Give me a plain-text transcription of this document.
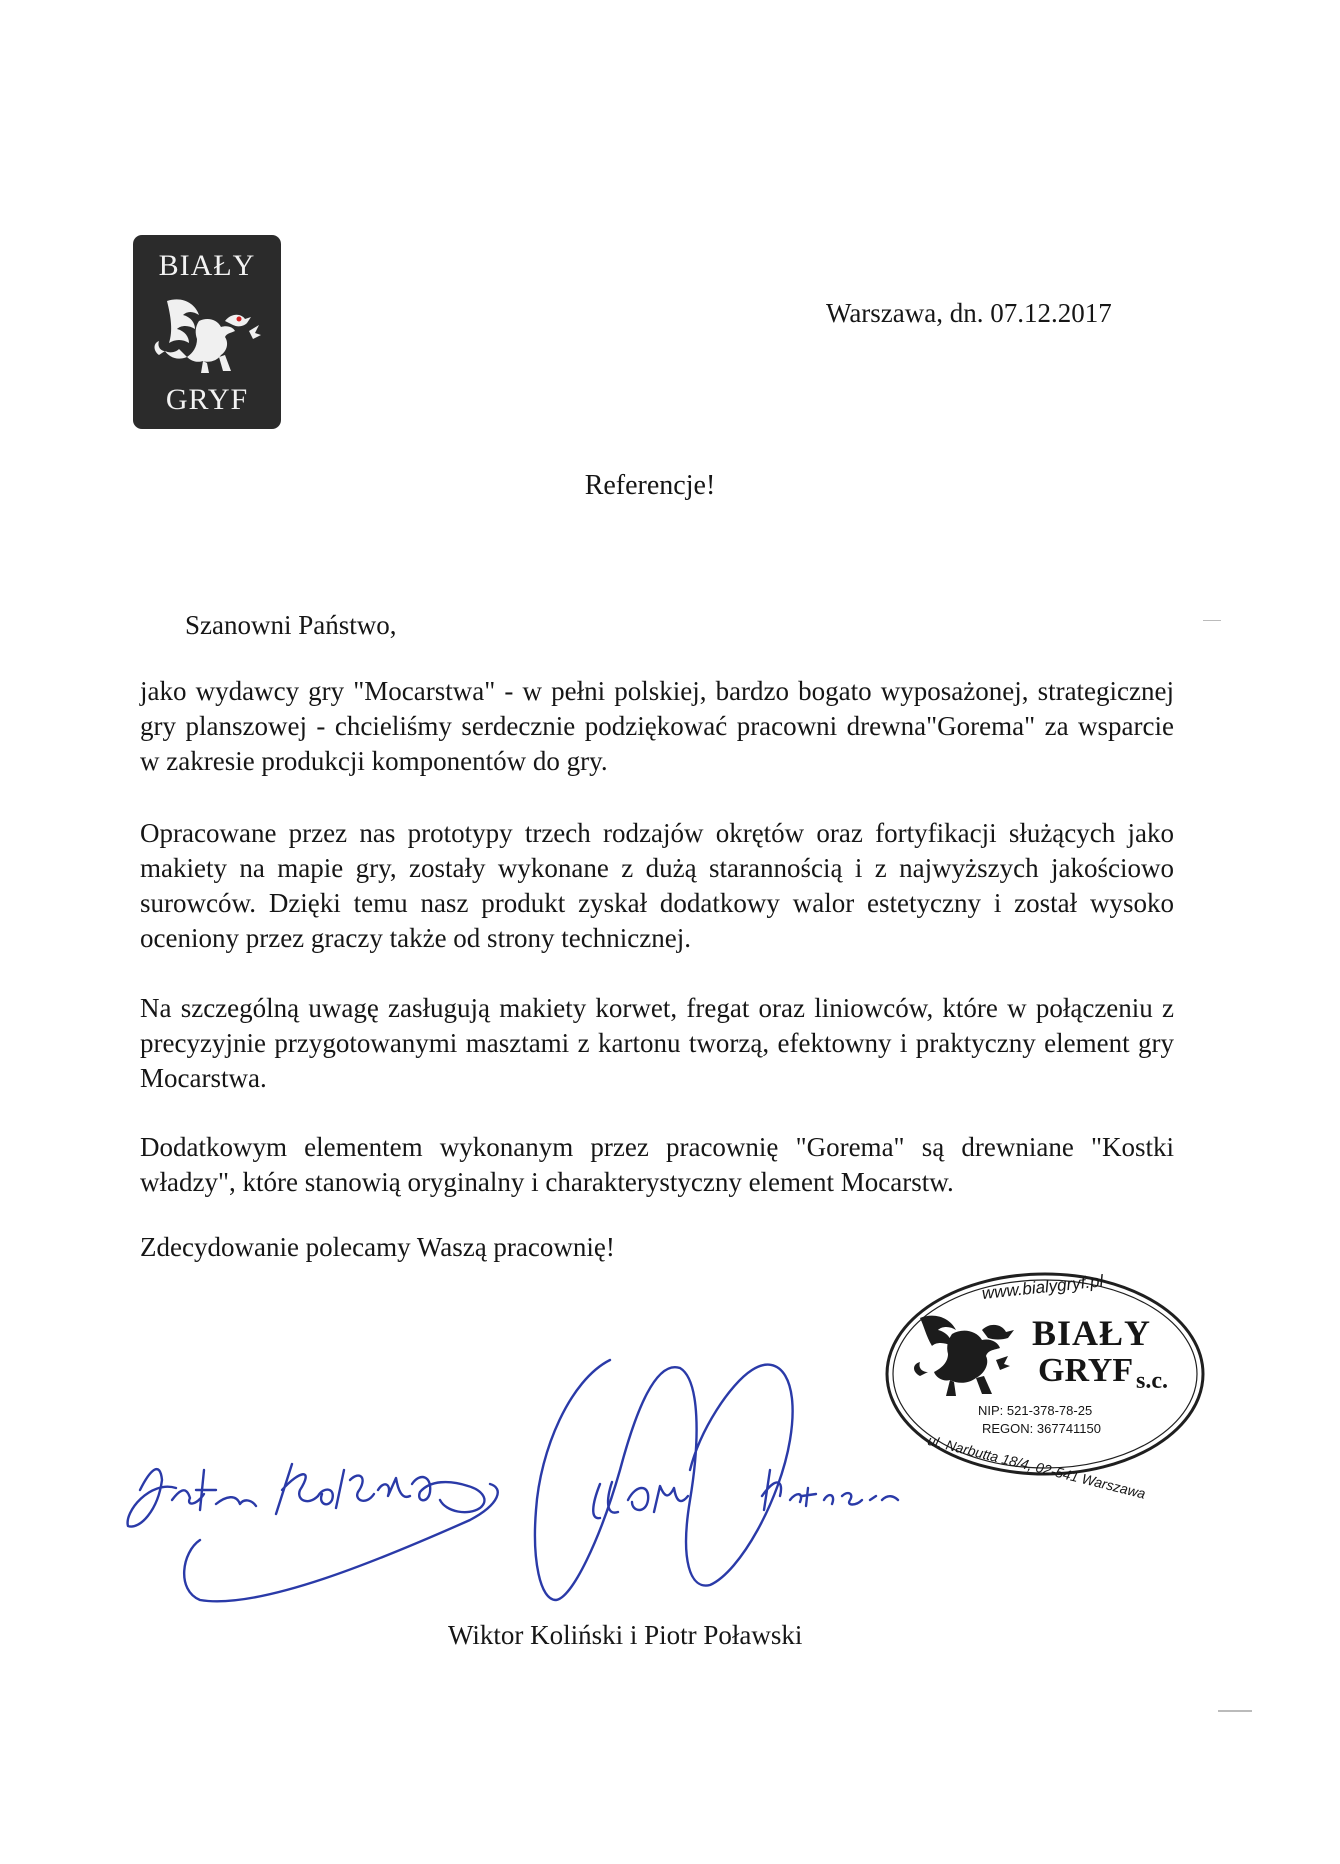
BIAŁY
GRYF
Warszawa, dn. 07.12.2017
Referencje!
Szanowni Państwo,

jako wydawcy gry "Mocarstwa" - w pełni polskiej, bardzo bogato wyposażonej, strategicznej gry planszowej - chcieliśmy serdecznie podziękować pracowni drewna"Gorema" za wsparcie w zakresie produkcji komponentów do gry.

Opracowane przez nas prototypy trzech rodzajów okrętów oraz fortyfikacji służących jako makiety na mapie gry, zostały wykonane z dużą starannością i z najwyższych jakościowo surowców. Dzięki temu nasz produkt zyskał dodatkowy walor estetyczny i został wysoko oceniony przez graczy także od strony technicznej.

Na szczególną uwagę zasługują makiety korwet, fregat oraz liniowców, które w połączeniu z precyzyjnie przygotowanymi masztami z kartonu tworzą, efektowny i praktyczny element gry Mocarstwa.

Dodatkowym elementem wykonanym przez pracownię "Gorema" są drewniane "Kostki władzy", które stanowią oryginalny i charakterystyczny element Mocarstw.

Zdecydowanie polecamy Waszą pracownię!
www.bialygryf.pl
BIAŁY
GRYF s.c.
NIP: 521-378-78-25
REGON: 367741150
ul. Narbutta 18/4, 02-541 Warszawa
Wiktor Koliński i Piotr Poławski
